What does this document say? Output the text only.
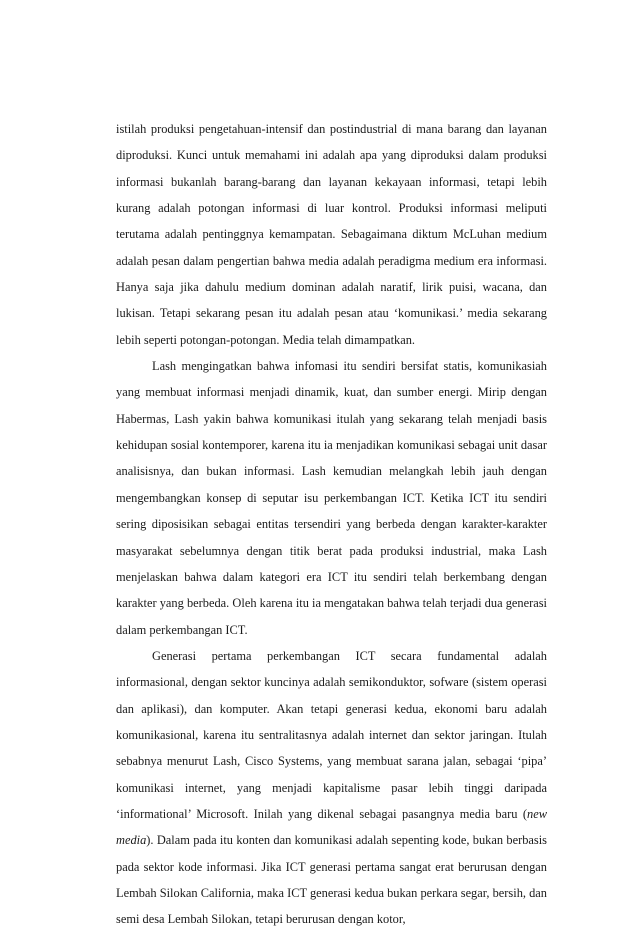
istilah produksi pengetahuan-intensif dan postindustrial di mana barang dan layanan diproduksi. Kunci untuk memahami ini adalah apa yang diproduksi dalam produksi informasi bukanlah barang-barang dan layanan kekayaan informasi, tetapi lebih kurang adalah potongan informasi di luar kontrol. Produksi informasi meliputi terutama adalah pentinggnya kemampatan. Sebagaimana diktum McLuhan medium adalah pesan dalam pengertian bahwa media adalah peradigma medium era informasi. Hanya saja jika dahulu medium dominan adalah naratif, lirik puisi, wacana, dan lukisan. Tetapi sekarang pesan itu adalah pesan atau ‘komunikasi.’ media sekarang lebih seperti potongan-potongan. Media telah dimampatkan.

Lash mengingatkan bahwa infomasi itu sendiri bersifat statis, komunikasiah yang membuat informasi menjadi dinamik, kuat, dan sumber energi. Mirip dengan Habermas, Lash yakin bahwa komunikasi itulah yang sekarang telah menjadi basis kehidupan sosial kontemporer, karena itu ia menjadikan komunikasi sebagai unit dasar analisisnya, dan bukan informasi. Lash kemudian melangkah lebih jauh dengan mengembangkan konsep di seputar isu perkembangan ICT. Ketika ICT itu sendiri sering diposisikan sebagai entitas tersendiri yang berbeda dengan karakter-karakter masyarakat sebelumnya dengan titik berat pada produksi industrial, maka Lash menjelaskan bahwa dalam kategori era ICT itu sendiri telah berkembang dengan karakter yang berbeda. Oleh karena itu ia mengatakan bahwa telah terjadi dua generasi dalam perkembangan ICT.

Generasi pertama perkembangan ICT secara fundamental adalah informasional, dengan sektor kuncinya adalah semikonduktor, sofware (sistem operasi dan aplikasi), dan komputer. Akan tetapi generasi kedua, ekonomi baru adalah komunikasional, karena itu sentralitasnya adalah internet dan sektor jaringan. Itulah sebabnya menurut Lash, Cisco Systems, yang membuat sarana jalan, sebagai ‘pipa’ komunikasi internet, yang menjadi kapitalisme pasar lebih tinggi daripada ‘informational’ Microsoft. Inilah yang dikenal sebagai pasangnya media baru (new media). Dalam pada itu konten dan komunikasi adalah sepenting kode, bukan berbasis pada sektor kode informasi. Jika ICT generasi pertama sangat erat berurusan dengan Lembah Silokan California, maka ICT generasi kedua bukan perkara segar, bersih, dan semi desa Lembah Silokan, tetapi berurusan dengan kotor,
